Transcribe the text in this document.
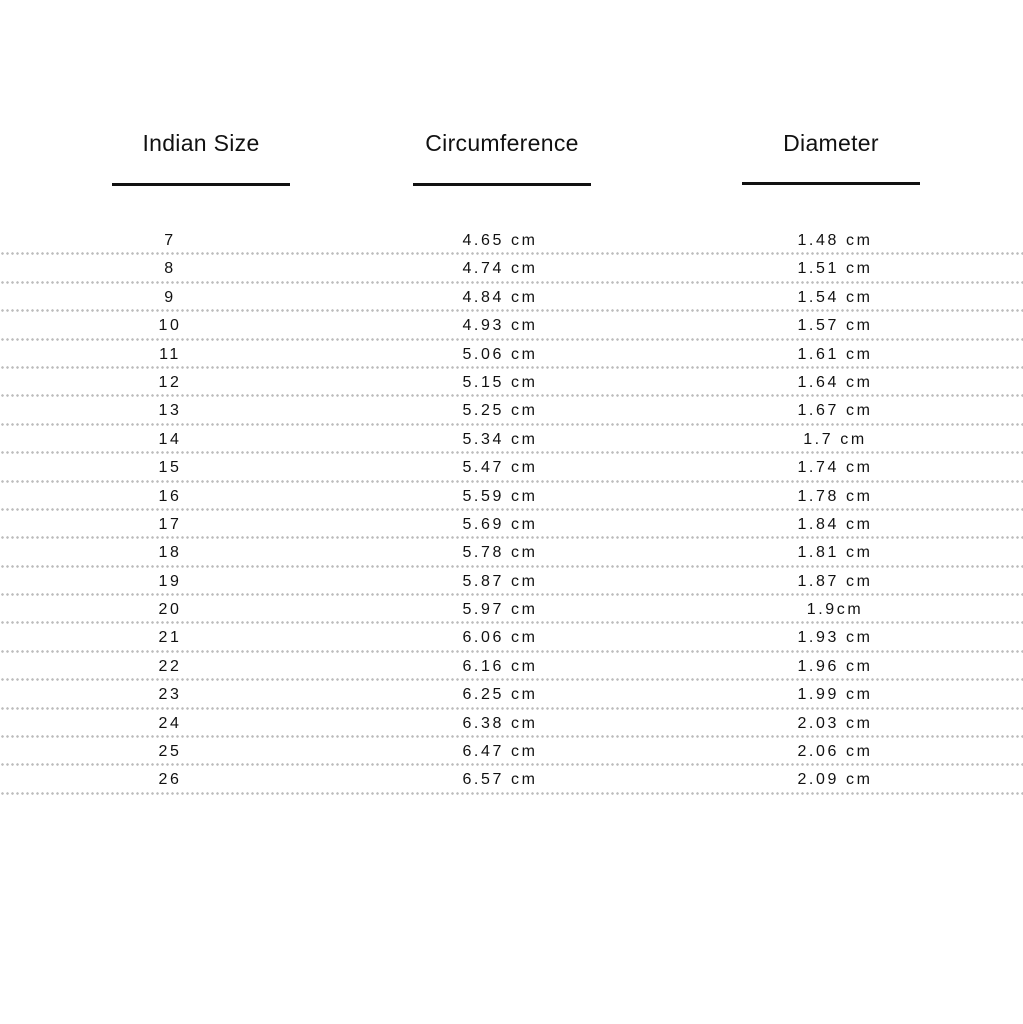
Indian Size	Circumference	Diameter
7	4.65 cm	1.48 cm
8	4.74 cm	1.51 cm
9	4.84 cm	1.54 cm
10	4.93 cm	1.57 cm
11	5.06 cm	1.61 cm
12	5.15 cm	1.64 cm
13	5.25 cm	1.67 cm
14	5.34 cm	1.7 cm
15	5.47 cm	1.74 cm
16	5.59 cm	1.78 cm
17	5.69 cm	1.84 cm
18	5.78 cm	1.81 cm
19	5.87 cm	1.87 cm
20	5.97 cm	1.9cm
21	6.06 cm	1.93 cm
22	6.16 cm	1.96 cm
23	6.25 cm	1.99 cm
24	6.38 cm	2.03 cm
25	6.47 cm	2.06 cm
26	6.57 cm	2.09 cm
